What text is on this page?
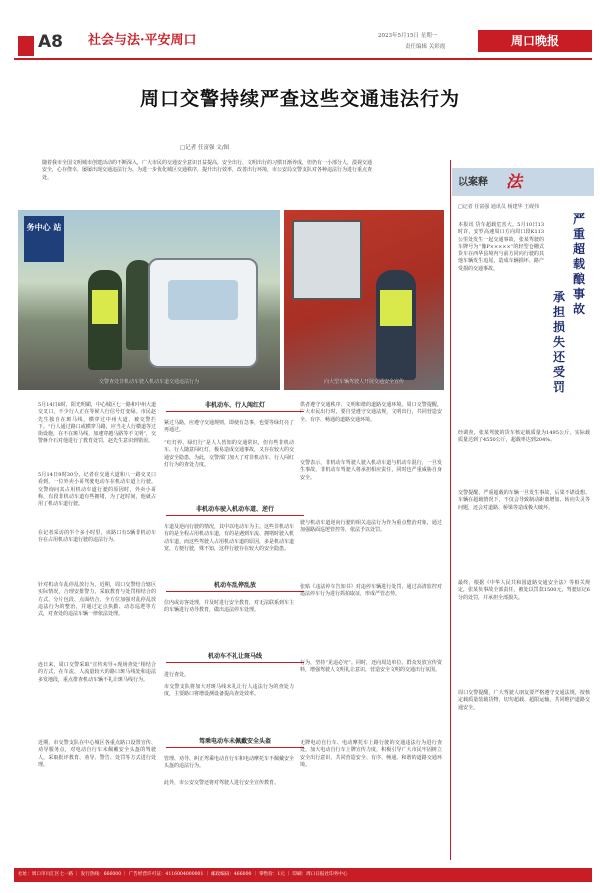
A8 社会与法·平安周口	2023年5月15日 星期一
责任编辑 关彩霞	周口晚报
周口交警持续严查这些交通违法行为
□记者 任富强 文/图
随着我市全国文明城市创建活动的不断深入，广大市民的交通安全意识日益提高，安全出行、文明出行的习惯日渐养成，但仍有一小部分人，漠视交通安全，心存侥幸，屡屡出现交通违法行为。为进一步优化城区交通秩序，提升出行效率，改善出行环境，市公安局交警支队对各种违法行为进行重点查处。
务中心 站
交警查处非机动车驶入机动车道交通违法行为	向大型车辆驾驶人开展交通安全宣传
5月14日8时，阳光明媚，中心城区七一路和中州大道交叉口，不少行人正在等候人行信号灯变绿。市民赵先生独自在斑马线，横穿过中州大道，被交警拦下。“行人通过路口或横穿马路，应当走人行横道等过街设施，在不在斑马线，加速穿越马路等不文明”，交警蒋介石对他进行了教育处罚，赵先生意识到错误。
5月14日9时30分，记者在交通大道和八一路交叉口看到，一位外卖小哥驾驶电动车在机动车道上行驶。交警询问其占用机动车道行驶的原因时，外卖小哥称，有段非机动车道有些拥堵，为了赶时间，他就占用了机动车道行驶。
在记者采访的半个多小时里，该路口有5辆非机动车存在占用机动车道行驶的违法行为。
针对机动车乱停乱放行为，近期，周口交警结合辖区实际情况，合理安排警力，采取教育与处罚相结合的方式，分片包段、点面结合，全方位加强对乱停乱放违法行为的整治，并通过定点执勤、动态巡逻等方式，对查处的违法车辆一律依法处理。
连日来，周口交警采取“宣传劝导+现场查处”相结合的方式，在车流、人流量较大的路口斑马线处和违法多发地段，重点排查机动车辆不礼让斑马线行为。
近期，市交警支队在中心城区各重点路口设置宣传、劝导服务点，对电动自行车未佩戴安全头盔的驾驶人，采取批评教育、劝导、警告、处罚等方式进行处理。
非机动车、行人闯红灯
紧过马路，应遵守交通规则，即使有急事，也要等绿灯亮了再通过。
“红灯停、绿灯行”是人人皆知的交通常识，但有些非机动车、行人随意闯红灯，极易造成交通事故，又存在较大的交通安全隐患。为此，交警部门加大了对非机动车、行人闯红灯行为的查处力度。
非机动车驶入机动车道、逆行
车道及逆向行驶的情况，其中以电动车为主。这些非机动车有的是全程占用机动车道，有的是遇到车流、拥堵时驶入机动车道。而这些驾驶人占用机动车道的原因，多是机动车道宽，方便行驶，殊不知，这样行驶存在较大的安全隐患。
机动车乱停乱放
位内或访客处理，并及时进行安全教育，对无法联系到车主的车辆进行劝导教育，做出违法停车处理。
机动车不礼让斑马线
进行查处。
市交警支队将加大对斑马线未礼让行人违法行为的查处力度，主要路口将增设测设备提高查处效率。
驾乘电动车未佩戴安全头盔
管理、劝导、纠正驾乘电动自行车和电动摩托车不佩戴安全头盔的违法行为。
此外，市公安交警还将对驾驶人进行安全宣传教育。
供者遵守交通秩序、文明和谐的道路交通环境。周口交警提醒，广大市民出行时，要自觉遵守交通法规，文明出行，共同营造安全、有序、畅通的道路交通环境。
交警表示，非机动车驾驶人驶入机动车道与机动车混行，一旦发生事故，非机动车驾驶人将承担相应责任，同时也严重威胁自身安全。
驶与机动车道逆向行驶的相关违法行为作为重点整治对象，通过加强路面巡逻管控等，依法予以处罚。
张贴《违法停车告知书》对违停车辆进行处罚，通过高清监控对违法停车行为进行抓拍取证，形成严管态势。
行为，坚持“见违必究”。同时，还向周边单位、群众发放宣传资料，增强驾驶人文明礼让意识，营造安全文明的交通出行氛围。
无牌电动自行车、电动摩托车上路行驶的交通违法行为进行查处，加大电动自行车上牌宣传力度，积极引导广大市民牢固树立安全出行意识，共同营造安全、有序、畅通、和谐的道路交通环境。
以案释 法
□记者 任富强 通讯员 杨建华 王砚伟
严重超载酿事故
承担损失还受罚
本报讯 货车超载危害大。5月10日13时许，安罗高速周口方向周口段K113公里处发生一起交通事故，张某驾驶的车牌号为“豫P×××××”的轻型仓栅式货车在西华县境内与前方同向行驶的其他车辆发生追尾，造成车辆损坏、路产受损的交通事故。
经调查，张某驾驶的货车核定载质量为1495公斤，实际载质量达到了4550公斤，超载率达到204%。
交警提醒，严重超载的车辆一旦发生事故，后果不堪设想。车辆在超载情况下，不仅会导致制动距离增加、转向失灵等问题，还会对道路、桥梁等造成极大破坏。
最终，根据《中华人民共和国道路交通安全法》等相关规定，张某负事故全部责任，被处以罚款1500元，驾驶证记6分的处罚，并承担全部损失。
周口交警提醒，广大驾驶人朋友要严格遵守交通法规，按核定载质量装载货物，切勿超载、超限运输，共同维护道路交通安全。
社址：周口市川汇区七一路 ｜ 发行热线：666000 ｜ 广告经营许可证：4116004000001 ｜ 邮政编码：466000 ｜ 零售价：1元 ｜ 印刷：周口日报社印务中心
